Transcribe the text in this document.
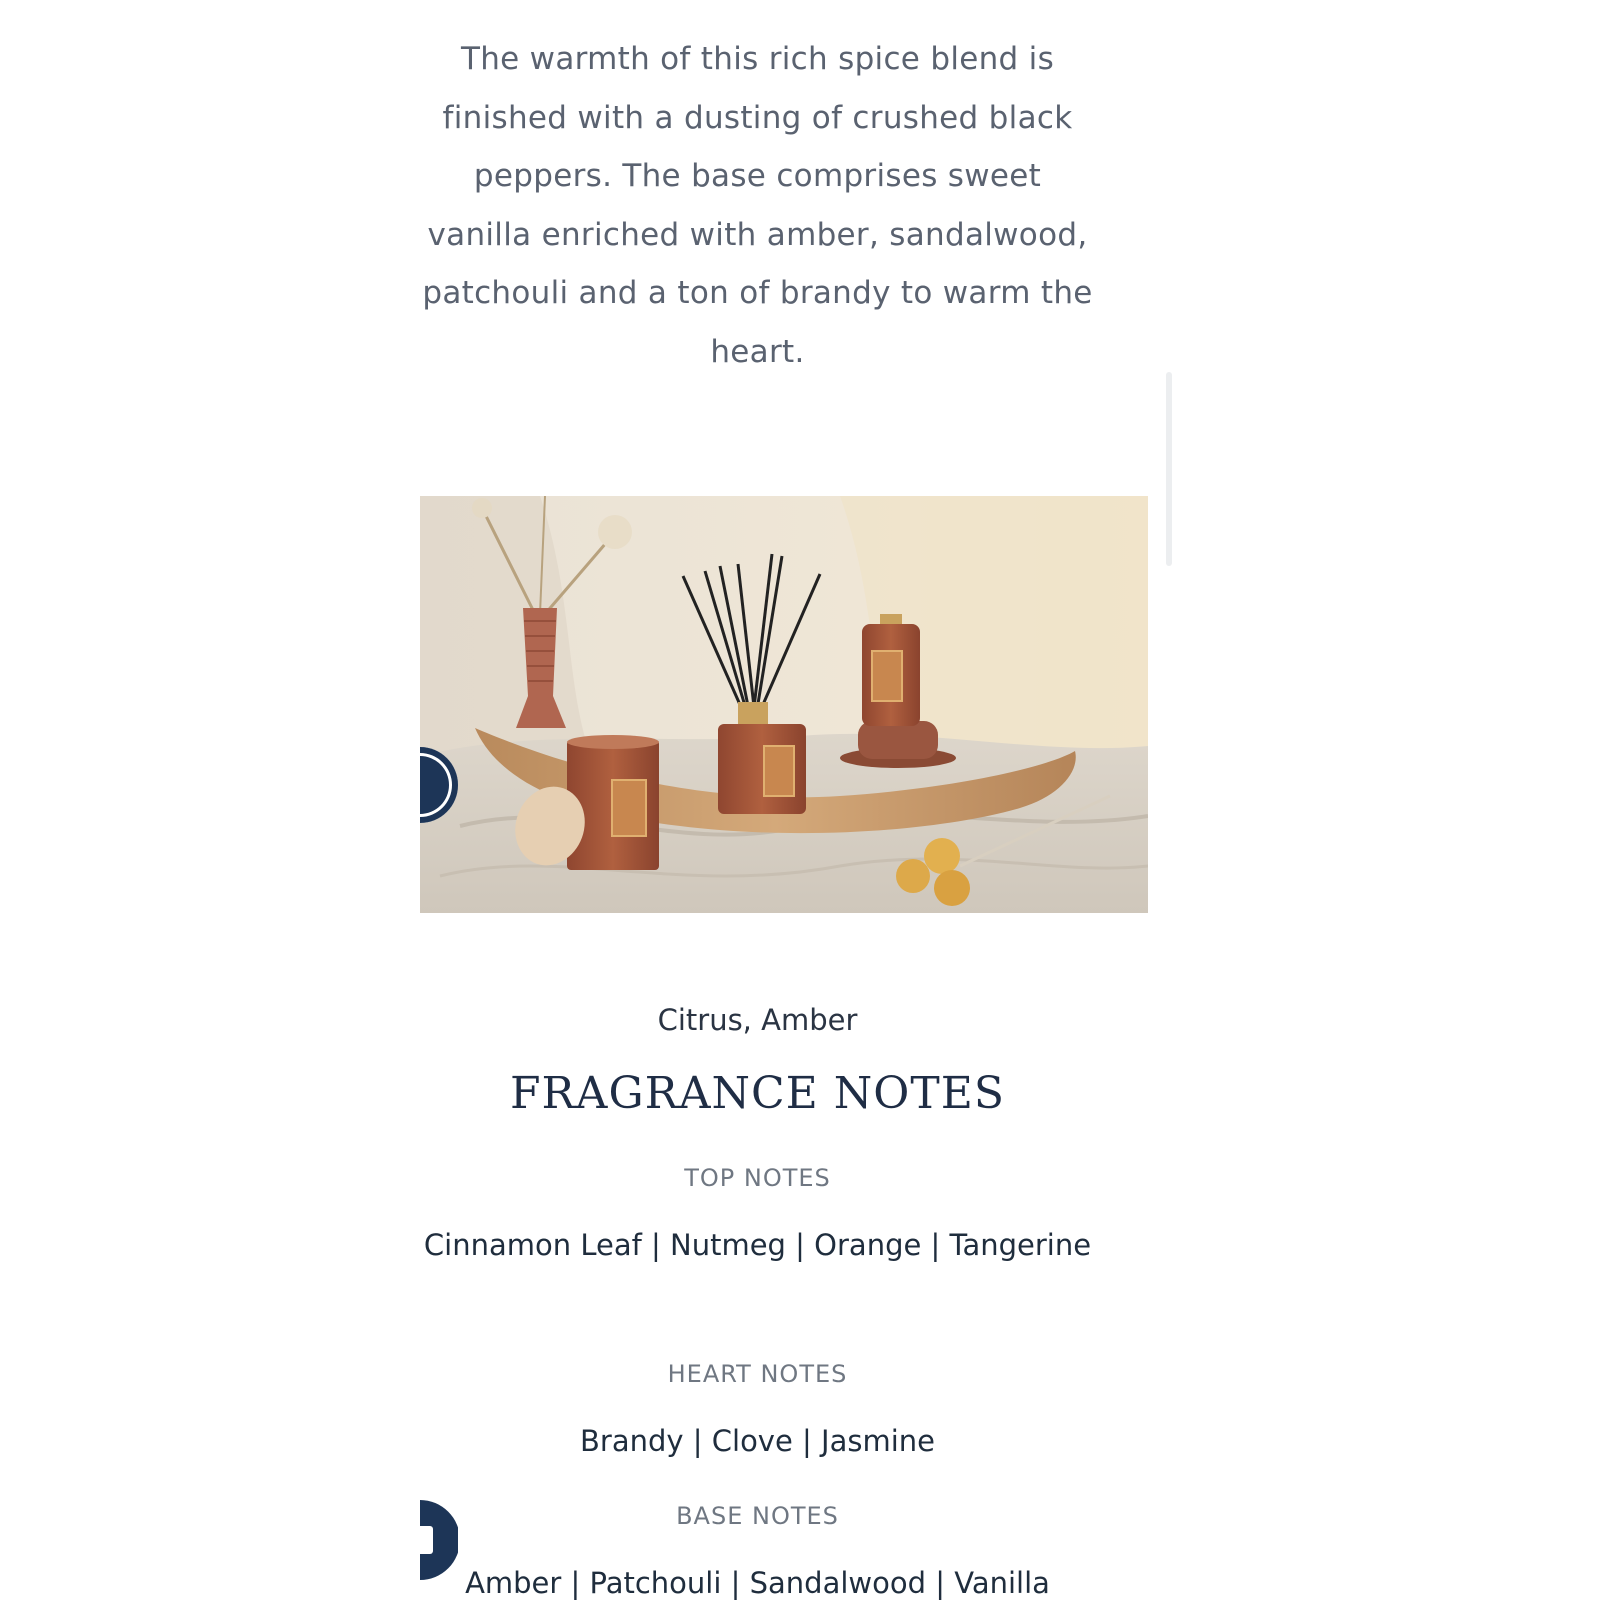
The warmth of this rich spice blend is finished with a dusting of crushed black peppers. The base comprises sweet vanilla enriched with amber, sandalwood, patchouli and a ton of brandy to warm the heart.

Citrus, Amber
FRAGRANCE NOTES
TOP NOTES
Cinnamon Leaf | Nutmeg | Orange | Tangerine
HEART NOTES
Brandy | Clove | Jasmine
BASE NOTES
Amber | Patchouli | Sandalwood | Vanilla
